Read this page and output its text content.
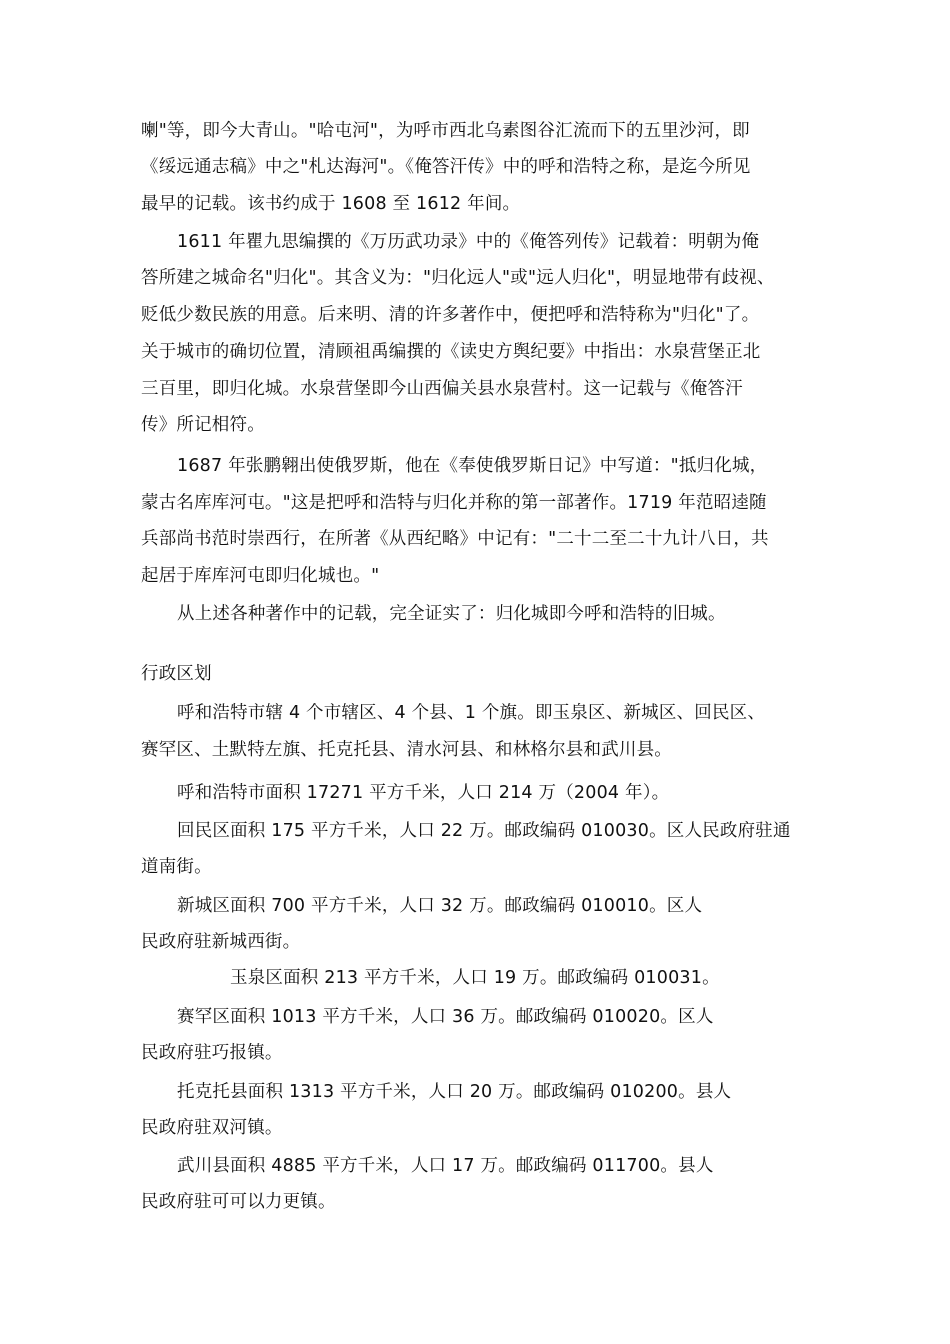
喇"等，即今大青山。"哈屯河"，为呼市西北乌素图谷汇流而下的五里沙河，即
《绥远通志稿》中之"札达海河"。《俺答汗传》中的呼和浩特之称，是迄今所见
最早的记载。该书约成于 1608 至 1612 年间。
1611 年瞿九思编撰的《万历武功录》中的《俺答列传》记载着：明朝为俺
答所建之城命名"归化"。其含义为："归化远人"或"远人归化"，明显地带有歧视、
贬低少数民族的用意。后来明、清的许多著作中，便把呼和浩特称为"归化"了。
关于城市的确切位置，清顾祖禹编撰的《读史方舆纪要》中指出：水泉营堡正北
三百里，即归化城。水泉营堡即今山西偏关县水泉营村。这一记载与《俺答汗
传》所记相符。
1687 年张鹏翱出使俄罗斯，他在《奉使俄罗斯日记》中写道："抵归化城，
蒙古名库库河屯。"这是把呼和浩特与归化并称的第一部著作。1719 年范昭逵随
兵部尚书范时崇西行，在所著《从西纪略》中记有："二十二至二十九计八日，共
起居于库库河屯即归化城也。"
从上述各种著作中的记载，完全证实了：归化城即今呼和浩特的旧城。
行政区划
呼和浩特市辖 4 个市辖区、4 个县、1 个旗。即玉泉区、新城区、回民区、
赛罕区、土默特左旗、托克托县、清水河县、和林格尔县和武川县。
呼和浩特市面积 17271 平方千米，人口 214 万（2004 年）。
回民区面积 175 平方千米，人口 22 万。邮政编码 010030。区人民政府驻通
道南街。
新城区面积 700 平方千米，人口 32 万。邮政编码 010010。区人
民政府驻新城西街。
玉泉区面积 213 平方千米，人口 19 万。邮政编码 010031。
赛罕区面积 1013 平方千米，人口 36 万。邮政编码 010020。区人
民政府驻巧报镇。
托克托县面积 1313 平方千米，人口 20 万。邮政编码 010200。县人
民政府驻双河镇。
武川县面积 4885 平方千米，人口 17 万。邮政编码 011700。县人
民政府驻可可以力更镇。
